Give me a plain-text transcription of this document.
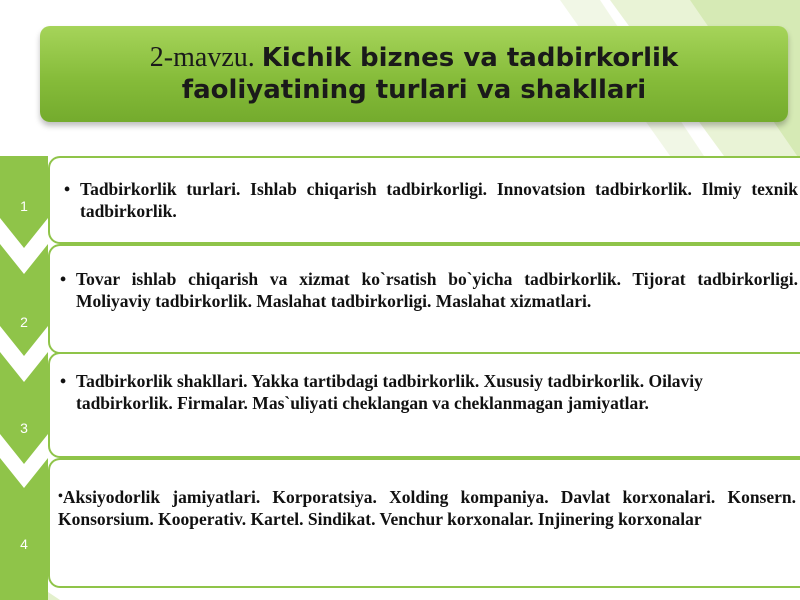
2-mavzu. Kichik biznes va tadbirkorlik faoliyatining turlari va shakllari
1
• Tadbirkorlik turlari. Ishlab chiqarish tadbirkorligi. Innovatsion tadbirkorlik. Ilmiy texnik tadbirkorlik.
2
• Tovar ishlab chiqarish va xizmat ko`rsatish bo`yicha tadbirkorlik. Tijorat tadbirkorligi. Moliyaviy tadbirkorlik. Maslahat tadbirkorligi. Maslahat xizmatlari.
3
• Tadbirkorlik shakllari. Yakka tartibdagi tadbirkorlik. Xususiy tadbirkorlik. Oilaviy tadbirkorlik. Firmalar. Mas`uliyati cheklangan va cheklanmagan jamiyatlar.
4
•Aksiyodorlik jamiyatlari. Korporatsiya. Xolding kompaniya. Davlat korxonalari. Konsern. Konsorsium. Kooperativ. Kartel. Sindikat. Venchur korxonalar. Injinering korxonalar
